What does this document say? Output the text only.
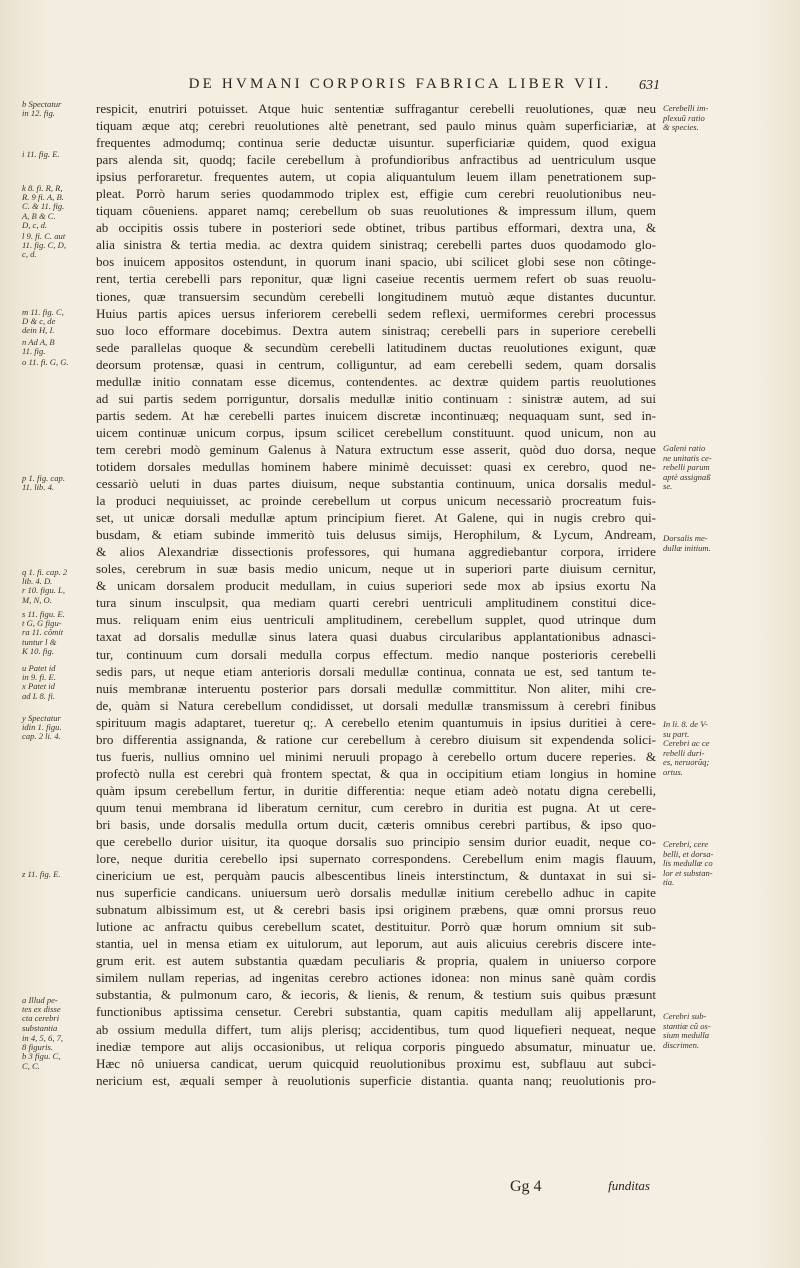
DE HVMANI CORPORIS FABRICA LIBER VII.	631
respicit, enutriri potuisset. Atque huic sententiæ suffragantur cerebelli reuolutiones, quæ neu
tiquam æque atq; cerebri reuolutiones altè penetrant, sed paulo minus quàm superficiariæ, at
frequentes admodumq; continua serie deductæ uisuntur. superficiariæ quidem, quod exigua
pars alenda sit, quodq; facile cerebellum à profundioribus anfractibus ad uentriculum usque
ipsius perforaretur. frequentes autem, ut copia aliquantulum leuem illam penetrationem sup-
pleat. Porrò harum series quodammodo triplex est, effigie cum cerebri reuolutionibus neu-
tiquam côueniens. apparet namq; cerebellum ob suas reuolutiones & impressum illum, quem
ab occipitis ossis tubere in posteriori sede obtinet, tribus partibus efformari, dextra una, &
alia sinistra & tertia media. ac dextra quidem sinistraq; cerebelli partes duos quodamodo glo-
bos inuicem appositos ostendunt, in quorum inani spacio, ubi scilicet globi sese non côtinge-
rent, tertia cerebelli pars reponitur, quæ ligni caseiue recentis uermem refert ob suas reuolu-
tiones, quæ transuersim secundùm cerebelli longitudinem mutuò æque distantes ducuntur.
Huius partis apices uersus inferiorem cerebelli sedem reflexi, uermiformes cerebri processus
suo loco efformare docebimus. Dextra autem sinistraq; cerebelli pars in superiore cerebelli
sede parallelas quoque & secundùm cerebelli latitudinem ductas reuolutiones exigunt, quæ
deorsum protensæ, quasi in centrum, colliguntur, ad eam cerebelli sedem, quam dorsalis
medullæ initio connatam esse dicemus, contendentes. ac dextræ quidem partis reuolutiones
ad sui partis sedem porriguntur, dorsalis medullæ initio continuam : sinistræ autem, ad sui
partis sedem. At hæ cerebelli partes inuicem discretæ incontinuæq; nequaquam sunt, sed in-
uicem continuæ unicum corpus, ipsum scilicet cerebellum constituunt. quod unicum, non au
tem cerebri modò geminum Galenus à Natura extructum esse asserit, quòd duo dorsa, neque
totidem dorsales medullas hominem habere minimè decuisset: quasi ex cerebro, quod ne-
cessariò ueluti in duas partes diuisum, neque substantia continuum, unica dorsalis medul-
la produci nequiuisset, ac proinde cerebellum ut corpus unicum necessariò procreatum fuis-
set, ut unicæ dorsali medullæ aptum principium fieret. At Galene, qui in nugis crebro qui-
busdam, & etiam subinde immeritò tuis delusus simijs, Herophilum, & Lycum, Andream,
& alios Alexandriæ dissectionis professores, qui humana aggrediebantur corpora, irridere
soles, cerebrum in suæ basis medio unicum, neque ut in superiori parte diuisum cernitur,
& unicam dorsalem producit medullam, in cuius superiori sede mox ab ipsius exortu Na
tura sinum insculpsit, qua mediam quarti cerebri uentriculi amplitudinem constitui dice-
mus. reliquam enim eius uentriculi amplitudinem, cerebellum supplet, quod utrinque dum
taxat ad dorsalis medullæ sinus latera quasi duabus circularibus applantationibus adnasci-
tur, continuum cum dorsali medulla corpus effectum. medio nanque posterioris cerebelli
sedis pars, ut neque etiam anterioris dorsali medullæ continua, connata ue est, sed tantum te-
nuis membranæ interuentu posterior pars dorsali medullæ committitur. Non aliter, mihi cre-
de, quàm si Natura cerebellum condidisset, ut dorsali medullæ transmissum à cerebri finibus
spirituum magis adaptaret, tueretur q;. A cerebello etenim quantumuis in ipsius duritiei à cere-
bro differentia assignanda, & ratione cur cerebellum à cerebro diuisum sit expendenda solici-
tus fueris, nullius omnino uel minimi neruuli propago à cerebello ortum ducere reperies. &
profectò nulla est cerebri quà frontem spectat, & qua in occipitium etiam longius in homine
quàm ipsum cerebellum fertur, in duritie differentia: neque etiam adeò notatu digna cerebelli,
quum tenui membrana id liberatum cernitur, cum cerebro in duritia est pugna. At ut cere-
bri basis, unde dorsalis medulla ortum ducit, cæteris omnibus cerebri partibus, & ipso quo-
que cerebello durior uisitur, ita quoque dorsalis suo principio sensim durior euadit, neque co-
lore, neque duritia cerebello ipsi supernato correspondens. Cerebellum enim magis flauum,
cinericium ue est, perquàm paucis albescentibus lineis interstinctum, & duntaxat in sui si-
nus superficie candicans. uniuersum uerò dorsalis medullæ initium cerebello adhuc in capite
subnatum albissimum est, ut & cerebri basis ipsi originem præbens, quæ omni prorsus reuo
lutione ac anfractu quibus cerebellum scatet, destituitur. Porrò quæ horum omnium sit sub-
stantia, uel in mensa etiam ex uitulorum, aut leporum, aut auis alicuius cerebris discere inte-
grum erit. est autem substantia quædam peculiaris & propria, qualem in uniuerso corpore
similem nullam reperias, ad ingenitas cerebro actiones idonea: non minus sanè quàm cordis
substantia, & pulmonum caro, & iecoris, & lienis, & renum, & testium suis quibus præsunt
functionibus aptissima censetur. Cerebri substantia, quam capitis medullam alij appellarunt,
ab ossium medulla differt, tum alijs plerisq; accidentibus, tum quod liquefieri nequeat, neque
inediæ tempore aut alijs occasionibus, ut reliqua corporis pinguedo absumatur, minuatur ue.
Hæc nô uniuersa candicat, uerum quicquid reuolutionibus proximu est, subflauu aut subci-
nericium est, æquali semper à reuolutionis superficie distantia. quanta nanq; reuolutionis pro-
b Spectatur
in 12. fig.
i 11. fig. E.
k 8. fi. R, R,
R. 9 fi. A, B.
C. & 11. fig.
A, B & C.
D, c, d.
l 9. fi. C. aut
11. fig. C, D,
c, d.
m 11. fig. C,
D & c, de
dein H, I.
n Ad A, B
11. fig.
o 11. fi. G, G.
p 1. fig. cap.
11. lib. 4.
q 1. fi. cap. 2
lib. 4. D.
r 10. figu. L,
M, N, O.
s 11. figu. E.
t G, G figu-
ra 11. cômit
tuntur l &
K 10. fig.
u Patet id
in 9. fi. E.
x Patet id
ad L 8. fi.
y Spectatur
idin 1. figu.
cap. 2 li. 4.
z 11. fig. E.
a Illud pe-
tes ex disse
cta cerebri
substantia
in 4, 5, 6, 7,
8 figuris.
b 3 figu. C,
C, C.
Cerebelli im-
plexuû ratio
& species.
Galeni ratio
ne unitatis ce-
rebelli parum
aptè assignaß
se.
Dorsalis me-
dullæ initium.
In li. 8. de V-
su part.
Cerebri ac ce
rebelli duri-
es, neruorũq;
ortus.
Cerebri, cere
belli, et dorsa-
lis medullæ co
lor et substan-
tia.
Cerebri sub-
stantiæ cũ os-
sium medulla
discrimen.
Gg 4	funditas
